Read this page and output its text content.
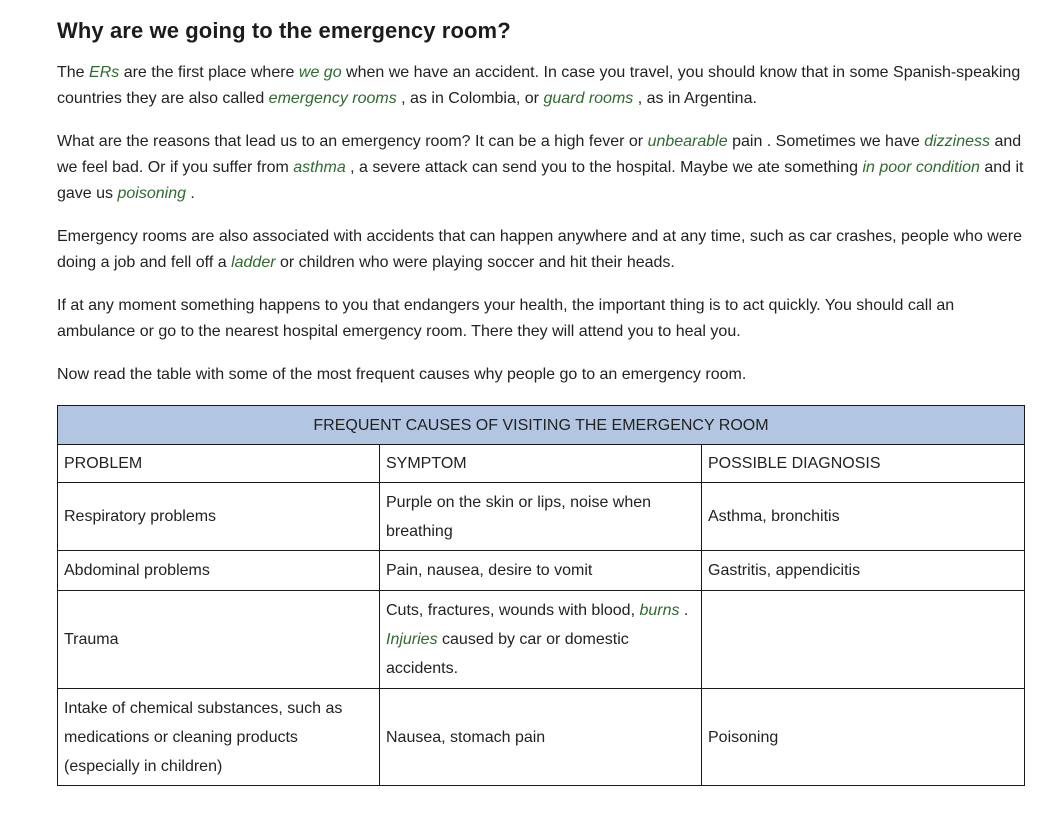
Why are we going to the emergency room?

The ERs are the first place where we go when we have an accident. In case you travel, you should know that in some Spanish-speaking countries they are also called emergency rooms , as in Colombia, or guard rooms , as in Argentina.

What are the reasons that lead us to an emergency room? It can be a high fever or unbearable pain . Sometimes we have dizziness and we feel bad. Or if you suffer from asthma , a severe attack can send you to the hospital. Maybe we ate something in poor condition and it gave us poisoning .

Emergency rooms are also associated with accidents that can happen anywhere and at any time, such as car crashes, people who were doing a job and fell off a ladder or children who were playing soccer and hit their heads.

If at any moment something happens to you that endangers your health, the important thing is to act quickly. You should call an ambulance or go to the nearest hospital emergency room. There they will attend you to heal you.

Now read the table with some of the most frequent causes why people go to an emergency room.

FREQUENT CAUSES OF VISITING THE EMERGENCY ROOM		
PROBLEM	SYMPTOM	POSSIBLE DIAGNOSIS
Respiratory problems	Purple on the skin or lips, noise when breathing	Asthma, bronchitis
Abdominal problems	Pain, nausea, desire to vomit	Gastritis, appendicitis
Trauma	Cuts, fractures, wounds with blood, burns . Injuries caused by car or domestic accidents.	
Intake of chemical substances, such as medications or cleaning products (especially in children)	Nausea, stomach pain	Poisoning
